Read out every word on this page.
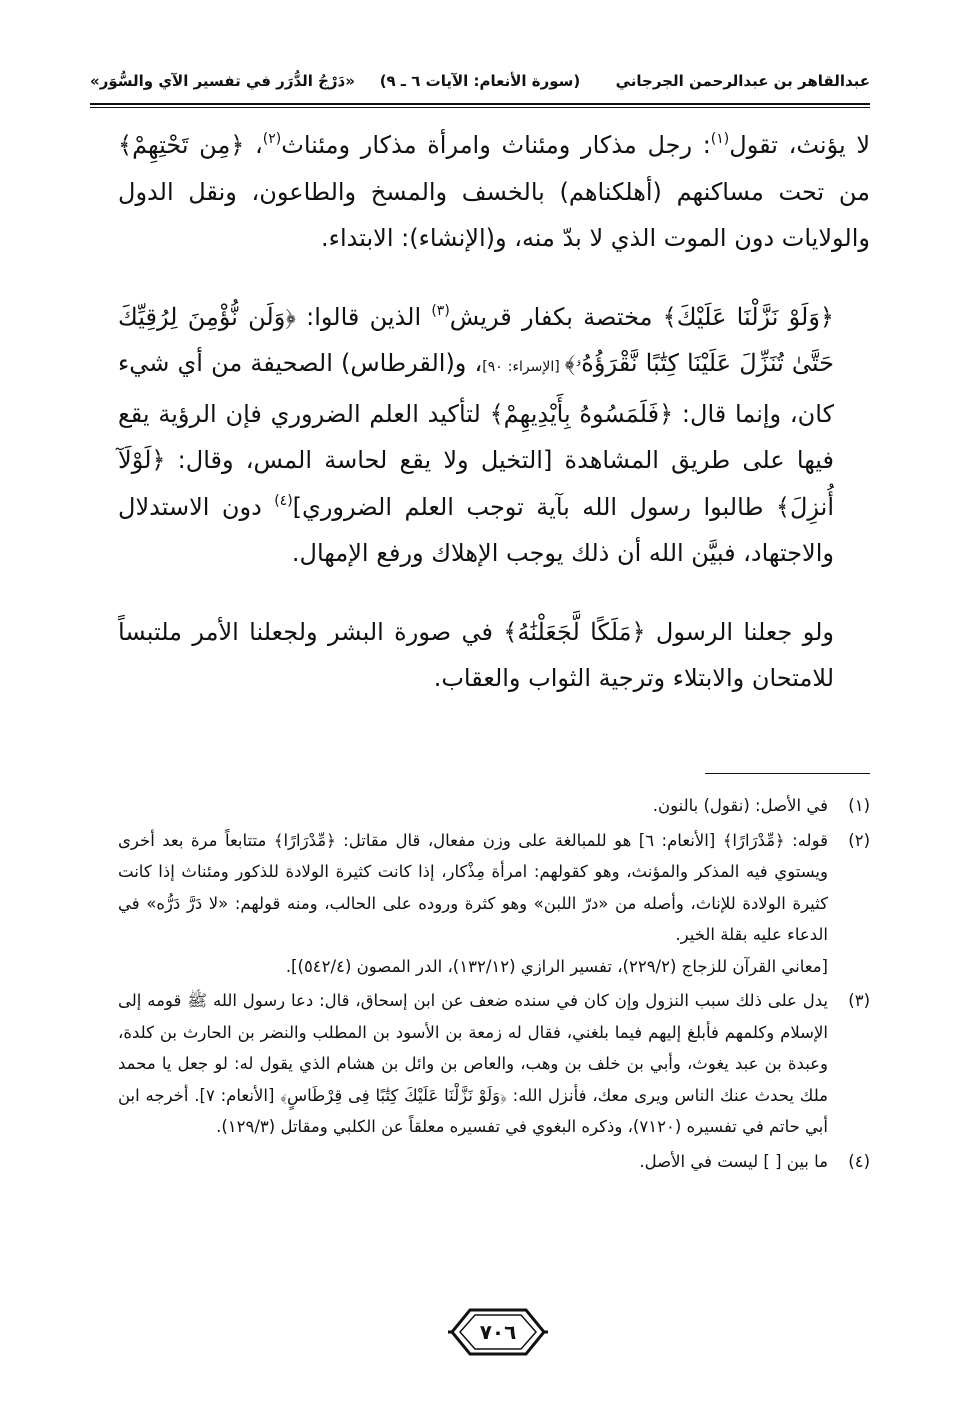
عبدالقاهر بن عبدالرحمن الجرجاني
(سورة الأنعام: الآيات ٦ ـ ٩)
«دَرْجُ الدُّرَر في تفسير الآي والسُّوَر»

لا يؤنث، تقول$^{(١)}$: رجل مذكار ومئناث وامرأة مذكار ومئناث$^{(٢)}$، ﴿مِن تَحْتِهِمْ﴾ من تحت مساكنهم (أهلكناهم) بالخسف والمسخ والطاعون، ونقل الدول والولايات دون الموت الذي لا بدّ منه، و(الإنشاء): الابتداء.

﴿وَلَوْ نَزَّلْنَا عَلَيْكَ﴾ مختصة بكفار قريش$^{(٣)}$ الذين قالوا: ﴿وَلَن نُّؤْمِنَ لِرُقِيِّكَ حَتَّىٰ تُنَزِّلَ عَلَيْنَا كِتَٰبًا نَّقْرَؤُهُۥ﴾ [الإسراء: ٩٠]، و(القرطاس) الصحيفة من أي شيء كان، وإنما قال: ﴿فَلَمَسُوهُ بِأَيْدِيهِمْ﴾ لتأكيد العلم الضروري فإن الرؤية يقع فيها على طريق المشاهدة [التخيل ولا يقع لحاسة المس، وقال: ﴿لَوْلَآ أُنزِلَ﴾ طالبوا رسول الله بآية توجب العلم الضروري]$^{(٤)}$ دون الاستدلال والاجتهاد، فبيَّن الله أن ذلك يوجب الإهلاك ورفع الإمهال.

ولو جعلنا الرسول ﴿مَلَكًا لَّجَعَلْنَٰهُ﴾ في صورة البشر ولجعلنا الأمر ملتبساً للامتحان والابتلاء وترجية الثواب والعقاب.

(١)

في الأصل: (نقول) بالنون.

(٢)

قوله: ﴿مِّدْرَارًا﴾ [الأنعام: ٦] هو للمبالغة على وزن مفعال، قال مقاتل: ﴿مِّدْرَارًا﴾ متتابعاً مرة بعد أخرى ويستوي فيه المذكر والمؤنث، وهو كقولهم: امرأة مِذْكار، إذا كانت كثيرة الولادة للذكور ومئناث إذا كانت كثيرة الولادة للإناث، وأصله من «درّ اللبن» وهو كثرة وروده على الحالب، ومنه قولهم: «لا دَرَّ دَرُّه» في الدعاء عليه بقلة الخير.

[معاني القرآن للزجاج (٢٢٩/٢)، تفسير الرازي (١٣٢/١٢)، الدر المصون (٥٤٢/٤)].

(٣)

يدل على ذلك سبب النزول وإن كان في سنده ضعف عن ابن إسحاق، قال: دعا رسول الله ﷺ قومه إلى الإسلام وكلمهم فأبلغ إليهم فيما بلغني، فقال له زمعة بن الأسود بن المطلب والنضر بن الحارث بن كلدة، وعبدة بن عبد يغوث، وأبي بن خلف بن وهب، والعاص بن وائل بن هشام الذي يقول له: لو جعل يا محمد ملك يحدث عنك الناس ويرى معك، فأنزل الله: ﴿وَلَوْ نَزَّلْنَا عَلَيْكَ كِتَٰبًا فِى قِرْطَاسٍ﴾ [الأنعام: ٧]. أخرجه ابن أبي حاتم في تفسيره (٧١٢٠)، وذكره البغوي في تفسيره معلقاً عن الكلبي ومقاتل (١٢٩/٣).

(٤)

ما بين [ ] ليست في الأصل.

٧٠٦
